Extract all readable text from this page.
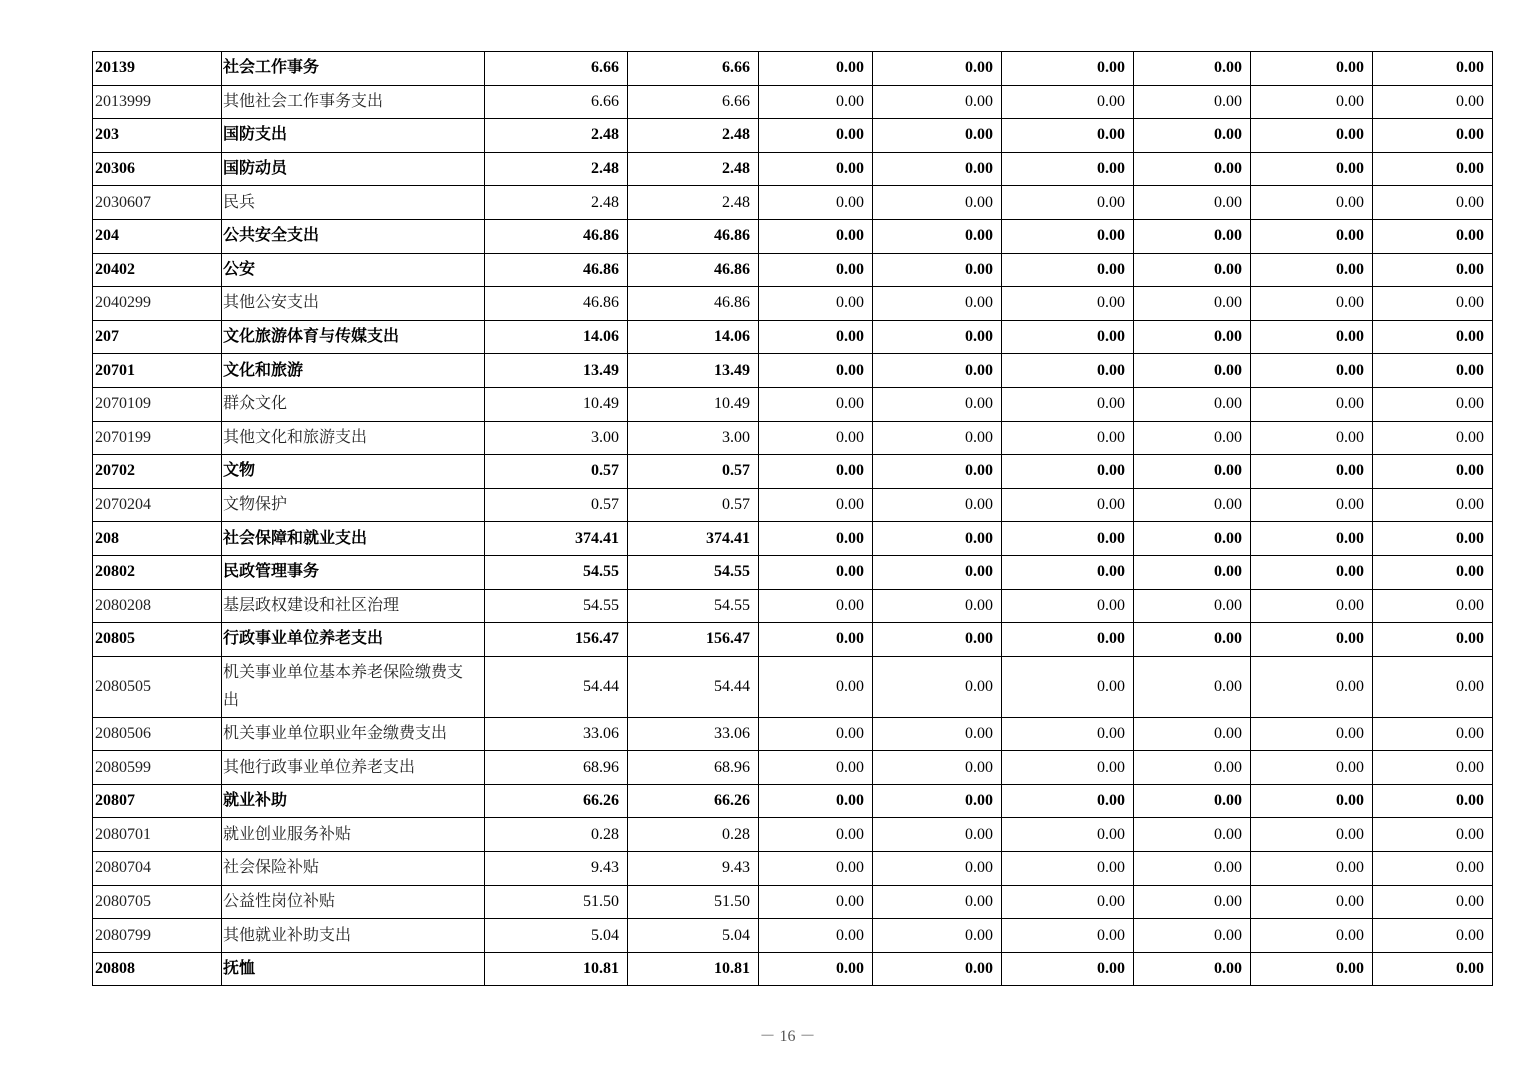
20139	社会工作事务	6.66	6.66	0.00	0.00	0.00	0.00	0.00	0.00
2013999	其他社会工作事务支出	6.66	6.66	0.00	0.00	0.00	0.00	0.00	0.00
203	国防支出	2.48	2.48	0.00	0.00	0.00	0.00	0.00	0.00
20306	国防动员	2.48	2.48	0.00	0.00	0.00	0.00	0.00	0.00
2030607	民兵	2.48	2.48	0.00	0.00	0.00	0.00	0.00	0.00
204	公共安全支出	46.86	46.86	0.00	0.00	0.00	0.00	0.00	0.00
20402	公安	46.86	46.86	0.00	0.00	0.00	0.00	0.00	0.00
2040299	其他公安支出	46.86	46.86	0.00	0.00	0.00	0.00	0.00	0.00
207	文化旅游体育与传媒支出	14.06	14.06	0.00	0.00	0.00	0.00	0.00	0.00
20701	文化和旅游	13.49	13.49	0.00	0.00	0.00	0.00	0.00	0.00
2070109	群众文化	10.49	10.49	0.00	0.00	0.00	0.00	0.00	0.00
2070199	其他文化和旅游支出	3.00	3.00	0.00	0.00	0.00	0.00	0.00	0.00
20702	文物	0.57	0.57	0.00	0.00	0.00	0.00	0.00	0.00
2070204	文物保护	0.57	0.57	0.00	0.00	0.00	0.00	0.00	0.00
208	社会保障和就业支出	374.41	374.41	0.00	0.00	0.00	0.00	0.00	0.00
20802	民政管理事务	54.55	54.55	0.00	0.00	0.00	0.00	0.00	0.00
2080208	基层政权建设和社区治理	54.55	54.55	0.00	0.00	0.00	0.00	0.00	0.00
20805	行政事业单位养老支出	156.47	156.47	0.00	0.00	0.00	0.00	0.00	0.00
2080505	机关事业单位基本养老保险缴费支出	54.44	54.44	0.00	0.00	0.00	0.00	0.00	0.00
2080506	机关事业单位职业年金缴费支出	33.06	33.06	0.00	0.00	0.00	0.00	0.00	0.00
2080599	其他行政事业单位养老支出	68.96	68.96	0.00	0.00	0.00	0.00	0.00	0.00
20807	就业补助	66.26	66.26	0.00	0.00	0.00	0.00	0.00	0.00
2080701	就业创业服务补贴	0.28	0.28	0.00	0.00	0.00	0.00	0.00	0.00
2080704	社会保险补贴	9.43	9.43	0.00	0.00	0.00	0.00	0.00	0.00
2080705	公益性岗位补贴	51.50	51.50	0.00	0.00	0.00	0.00	0.00	0.00
2080799	其他就业补助支出	5.04	5.04	0.00	0.00	0.00	0.00	0.00	0.00
20808	抚恤	10.81	10.81	0.00	0.00	0.00	0.00	0.00	0.00
－ 16 －
